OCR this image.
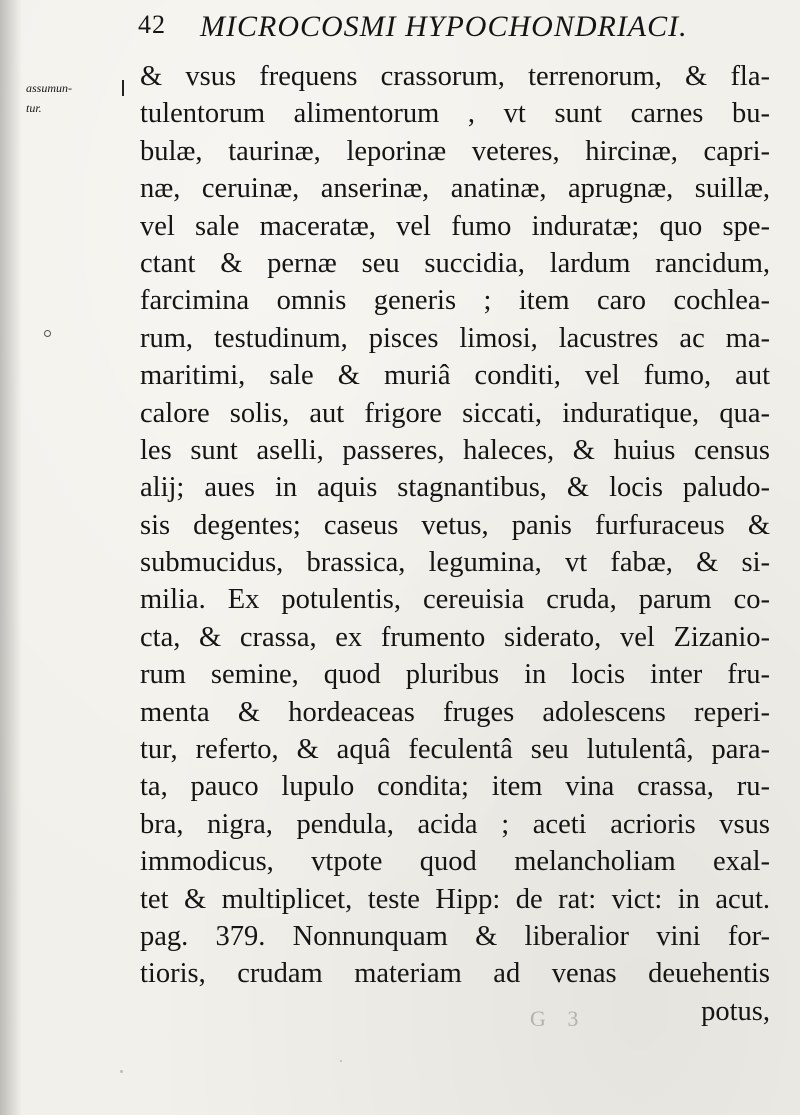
42 MICROCOSMI HYPOCHONDRIACI.
assumun-
tur.
& vsus frequens crassorum, terrenorum, & fla-
tulentorum alimentorum , vt sunt carnes bu-
bulæ, taurinæ, leporinæ veteres, hircinæ, capri-
næ, ceruinæ, anserinæ, anatinæ, aprugnæ, suillæ,
vel sale maceratæ, vel fumo induratæ; quo spe-
ctant & pernæ seu succidia, lardum rancidum,
farcimina omnis generis ; item caro cochlea-
rum, testudinum, pisces limosi, lacustres ac ma-
maritimi, sale & muriâ conditi, vel fumo, aut
calore solis, aut frigore siccati, induratique, qua-
les sunt aselli, passeres, haleces, & huius census
alij; aues in aquis stagnantibus, & locis paludo-
sis degentes; caseus vetus, panis furfuraceus &
submucidus, brassica, legumina, vt fabæ, & si-
milia. Ex potulentis, cereuisia cruda, parum co-
cta, & crassa, ex frumento siderato, vel Zizanio-
rum semine, quod pluribus in locis inter fru-
menta & hordeaceas fruges adolescens reperi-
tur, referto, & aquâ feculentâ seu lutulentâ, para-
ta, pauco lupulo condita; item vina crassa, ru-
bra, nigra, pendula, acida ; aceti acrioris vsus
immodicus, vtpote quod melancholiam exal-
tet & multiplicet, teste Hipp: de rat: vict: in acut.
pag. 379. Nonnunquam & liberalior vini for-
tioris, crudam materiam ad venas deuehentis
potus,
G 3
